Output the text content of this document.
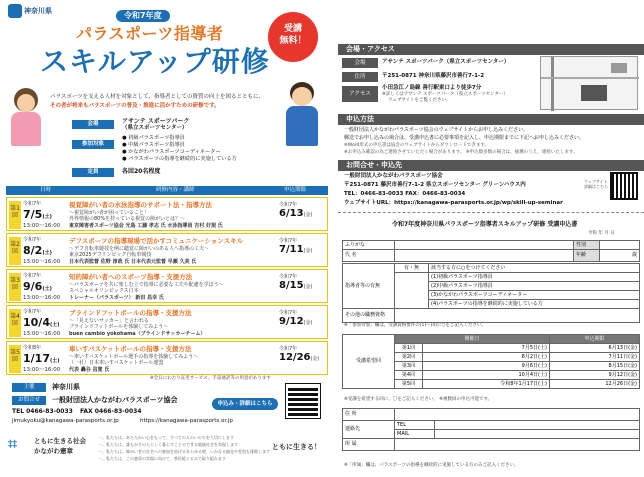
神奈川県	令和7年度
パラスポーツ指導者
スキルアップ研修
受講
無料！
パラスポーツを支える人材を対象として、指導者としての資質の向上を図るとともに、
その者が将来もパラスポーツの普及・推進に活かすための研修です。
会場	アサンテ スポーツパーク
（県立スポーツセンター）
参加対象
● 初級パラスポーツ指導員
● 中級パラスポーツ指導員
● かながわパラスポーツコーディネーター
● パラスポーツの指導を継続的に実施している方
定員	各回20名程度
日時	研修内容・講師	申込期限
第1回
令和7年
7/5(土)
13:00〜16:00
視覚障がい者の水泳指導のサポート法・指導方法
〜視覚障がい者が困っていること！
外界情報の80%を持っている視覚の障がいとは？〜
東京障害者スポーツ協会 光島 工藤 孝志 氏 水泳指導員 吉村 好規 氏
令和7年
6/13(金)
第2回
令和7年
8/2(土)
13:00〜16:00
デフスポーツの指導現場で活かすコミュニケーションスキル
〜デフ自転車競技を例に聴覚に障がいのある人へ指導の工夫〜
東京2025デフリンピック自転車競技
日本代表監督 佐野 淳哉 氏 日本代表元監督 早瀬 久美 氏
令和7年
7/11(金)
第3回
令和7年
9/6(土)
13:00〜16:00
知的障がい者へのスポーツ指導・支援方法
〜パラスポーツを共に楽しむ上で指導に必要な工夫や配慮を学ぼう〜
スペシャルオリンピックス日本
トレーナー（パラスポーツ） 新田 昌幸 氏
令和7年
8/15(金)
第4回
令和7年
10/4(土)
13:00〜16:00
ブラインドフットボールの指導・支援方法
〜「見えないサッカー」と言われる
ブラインドフットボールを体験してみよう〜
buen cambio yokohama（ブラインドサッカーチーム）
令和7年
9/12(金)
第5回
令和8年
1/17(土)
13:00〜16:00
車いすバスケットボールの指導・支援方法
〜車いすバスケットボール選手の指導を体験してみよう〜
（一社）日本車いすバスケットボール連盟
代表 轟谷 昌寛 氏
令和7年
12/26(金)
主催	神奈川県
お問合せ	一般財団法人かながわパラスポーツ協会
TEL 0466-83-0033 FAX 0466-83-0034
jimukyoku@kanagawa-parasports.or.jp	https://kanagawa-parasports.or.jp
申込み・詳細はこちら
※全日にわたり託児サービス、手話通訳等の用意があります
⌗	ともに生きる社会
かながわ憲章
一、私たちは、あたたかい心をもって、すべての人のいのちを大切にします
一、私たちは、誰もがその人らしく暮らすことのできる地域社会を実現します
一、私たちは、障がい者の社会への参加を妨げるあらゆる壁、いかなる偏見や差別も排除します
一、私たちは、この憲章の実現に向けて、県民総ぐるみで取り組みます
ともに生きる！
会場・アクセス
会場	アサンテ スポーツパーク（県立スポーツセンター）
住所	〒251-0871 神奈川県藤沢市善行7-1-2
アクセス
小田急江ノ島線 善行駅東口より徒歩7分
※詳しくはアサンテ スポーツパーク（県立スポーツセンター）
ウェブサイトをご覧ください。
申込方法
一般財団法人かながわパラスポーツ協会のウェブサイトからお申し込みください。
郵送でお申し込みの場合は、受講申込書に必要事項を記入し、申込期限までに下記へお申し込みください。
※Word形式の申込書は協会のウェブサイトからダウンロードできます。
※お申込み確認の為ご連絡させていただく場合があります。 ※申込数多数の場合は、抽選のうえ、連絡いたします。
お問合せ・申込先
一般財団法人かながわパラスポーツ協会
〒251-0871 藤沢市善行7-1-2 県立スポーツセンター グリーンハウス内
TEL：0466-83-0033 FAX：0466-83-0034
ウェブサイトURL：https://kanagawa-parasports.or.jp/wp/skill-up-seminar
ウェブサイト 詳細はこちら
令和7年度神奈川県パラスポーツ指導者スキルアップ研修 受講申込書
令和 年 月 日
ふりがな		性別	
氏 名		年齢	歳
指導者等の有無	有・無	該当する方に○をつけてください
		(1)初級パラスポーツ指導員
		(2)中級パラスポーツ指導員
		(3)かながわパラスポーツコーディネーター
		(4)パラスポーツの指導を継続的に実施している方
その他の職務資格		
※「参加対象」欄は、受講資格要件の(1)〜(4)に○をご記入ください。
受講希望回	開催日		申込期限
	第1回	7月5日(土)	6月13日(金)
	第2回	8月2日(土)	7月11日(金)
	第3回	9月6日(土)	8月15日(金)
	第4回	10月4日(土)	9月12日(金)
	第5回	令和8年1月17日(土)	12月26日(金)
※受講を希望する回に、〇をご記入ください。 ※複数回の申込可能です。
住 所		
連絡先	TEL	
	MAIL	
所 属		
※「所属」欄は、パラスポーツの指導を継続的に実施している方のみご記入ください。
